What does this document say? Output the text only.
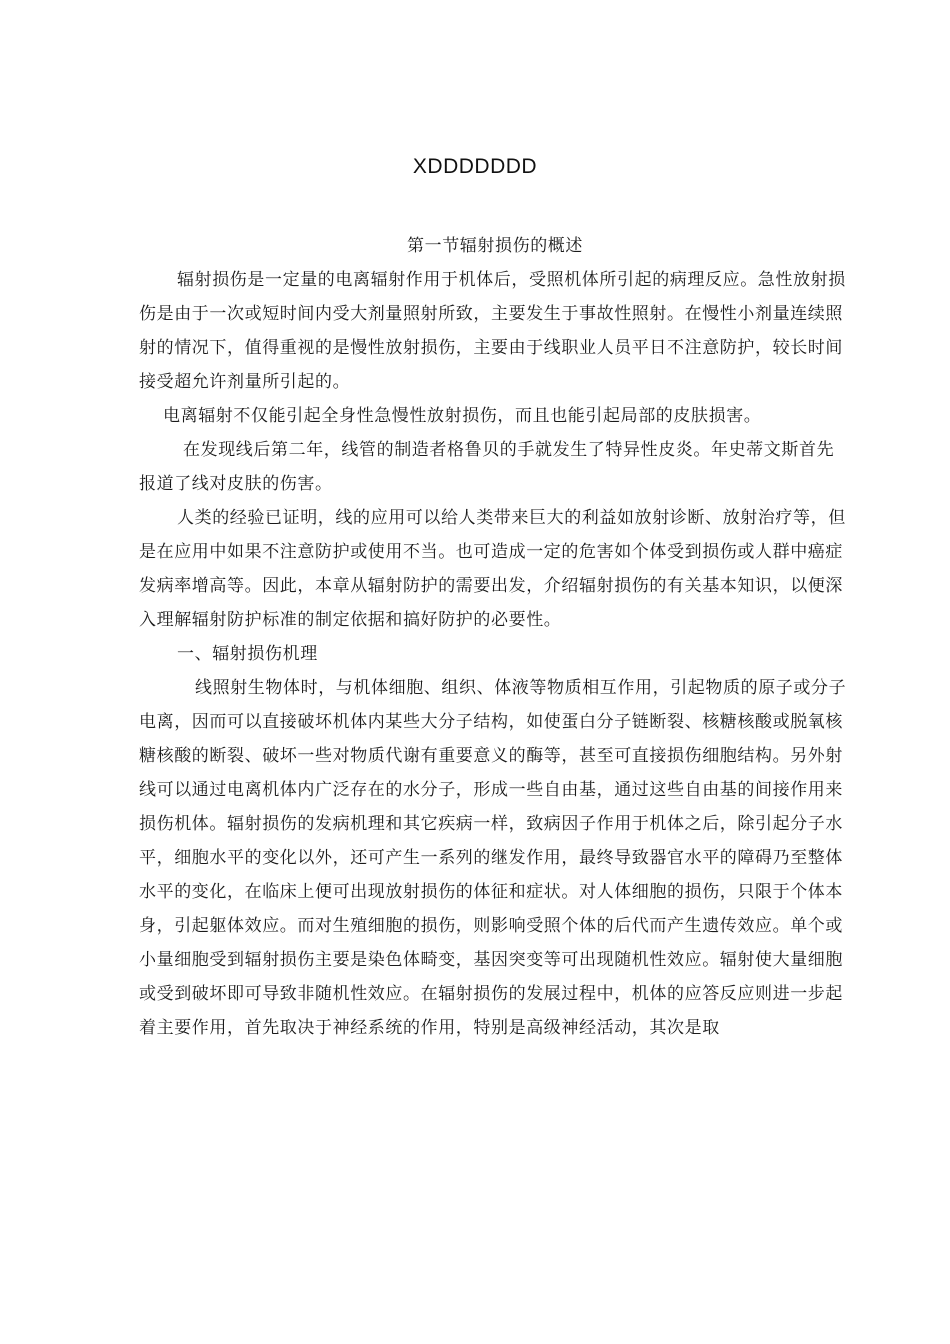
XDDDDDDD

第一节辐射损伤的概述

辐射损伤是一定量的电离辐射作用于机体后，受照机体所引起的病理反应。急性放射损伤是由于一次或短时间内受大剂量照射所致，主要发生于事故性照射。在慢性小剂量连续照射的情况下，值得重视的是慢性放射损伤，主要由于线职业人员平日不注意防护，较长时间接受超允许剂量所引起的。

电离辐射不仅能引起全身性急慢性放射损伤，而且也能引起局部的皮肤损害。

在发现线后第二年，线管的制造者格鲁贝的手就发生了特异性皮炎。年史蒂文斯首先报道了线对皮肤的伤害。

人类的经验已证明，线的应用可以给人类带来巨大的利益如放射诊断、放射治疗等，但是在应用中如果不注意防护或使用不当。也可造成一定的危害如个体受到损伤或人群中癌症发病率增高等。因此，本章从辐射防护的需要出发，介绍辐射损伤的有关基本知识，以便深入理解辐射防护标准的制定依据和搞好防护的必要性。

一、辐射损伤机理

线照射生物体时，与机体细胞、组织、体液等物质相互作用，引起物质的原子或分子电离，因而可以直接破坏机体内某些大分子结构，如使蛋白分子链断裂、核糖核酸或脱氧核糖核酸的断裂、破坏一些对物质代谢有重要意义的酶等，甚至可直接损伤细胞结构。另外射线可以通过电离机体内广泛存在的水分子，形成一些自由基，通过这些自由基的间接作用来损伤机体。辐射损伤的发病机理和其它疾病一样，致病因子作用于机体之后，除引起分子水平，细胞水平的变化以外，还可产生一系列的继发作用，最终导致器官水平的障碍乃至整体水平的变化，在临床上便可出现放射损伤的体征和症状。对人体细胞的损伤，只限于个体本身，引起躯体效应。而对生殖细胞的损伤，则影响受照个体的后代而产生遗传效应。单个或小量细胞受到辐射损伤主要是染色体畸变，基因突变等可出现随机性效应。辐射使大量细胞或受到破坏即可导致非随机性效应。在辐射损伤的发展过程中，机体的应答反应则进一步起着主要作用，首先取决于神经系统的作用，特别是高级神经活动，其次是取
